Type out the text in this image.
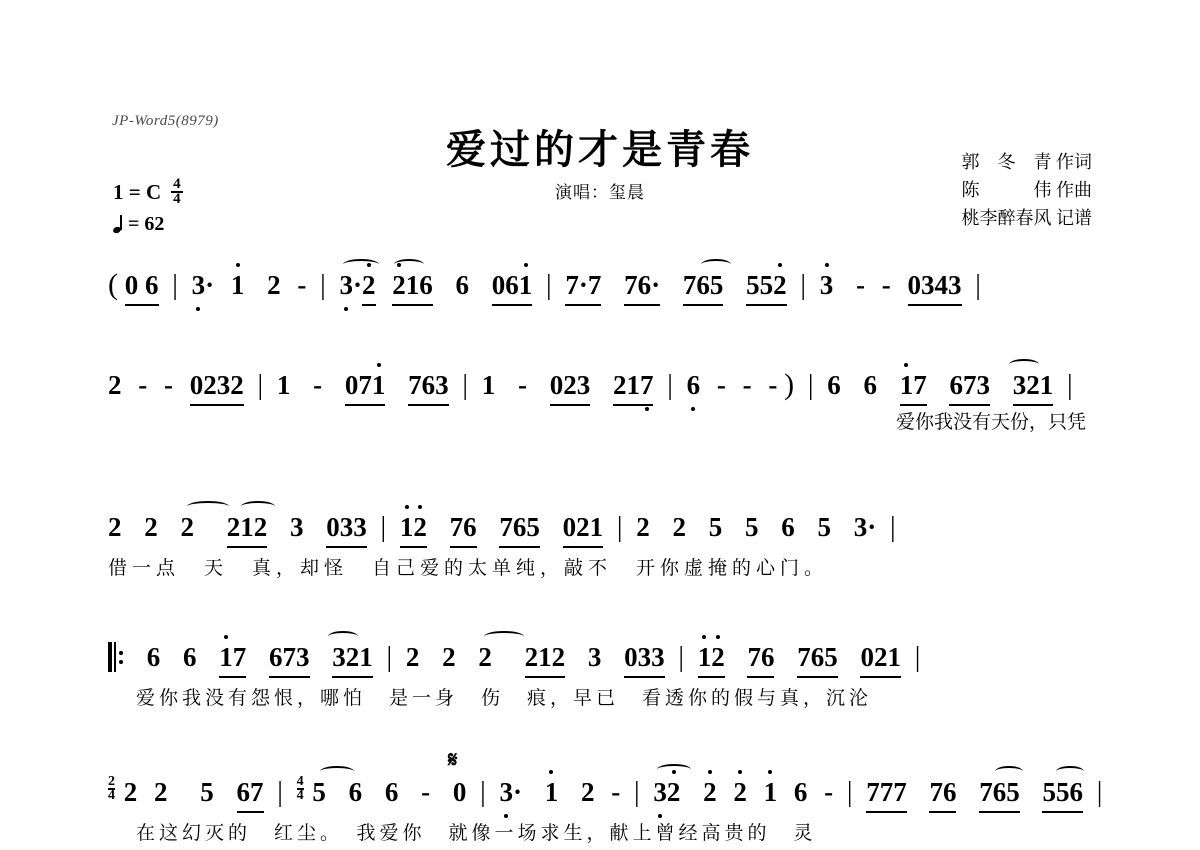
JP-Word5(8979)
爱过的才是青春
演唱：玺晨
郭　冬　青 作词
陈　　　伟 作曲
桃李醉春风 记谱
1 = C $\frac{4}{4}$
= 62
( 0 6 | 3· 1 2 - | 3·2 216 6 061 | 7·7 76· 765 552 | 3 - - 0343 |
2 - - 0232 | 1 - 071 763 | 1 - 023 217 | 6 - - - ) | 6 6 17 673 321 |
爱你我没有天份，只凭
2 2 2 212 3 033 | 12 76 765 021 | 2 2 5 5 6 5 3· |
借一点　天　真，却怪　自己爱的太单纯，敲不　开你虚掩的心门。
6 6 17 673 321 | 2 2 2 212 3 033 | 12 76 765 021 |
爱你我没有怨恨，哪怕　是一身　伤　痕，早已　看透你的假与真，沉沦
𝄋
$\frac{2}{4} 2$ 2 5 67 | $\frac{4}{4}$
5 6 6 - 0 | 3· 1 2 - | 32 2 2 1 6 - | 777 76 765 556 |
在这幻灭的　红尘。　我爱你　就像一场求生，献上曾经高贵的　灵
